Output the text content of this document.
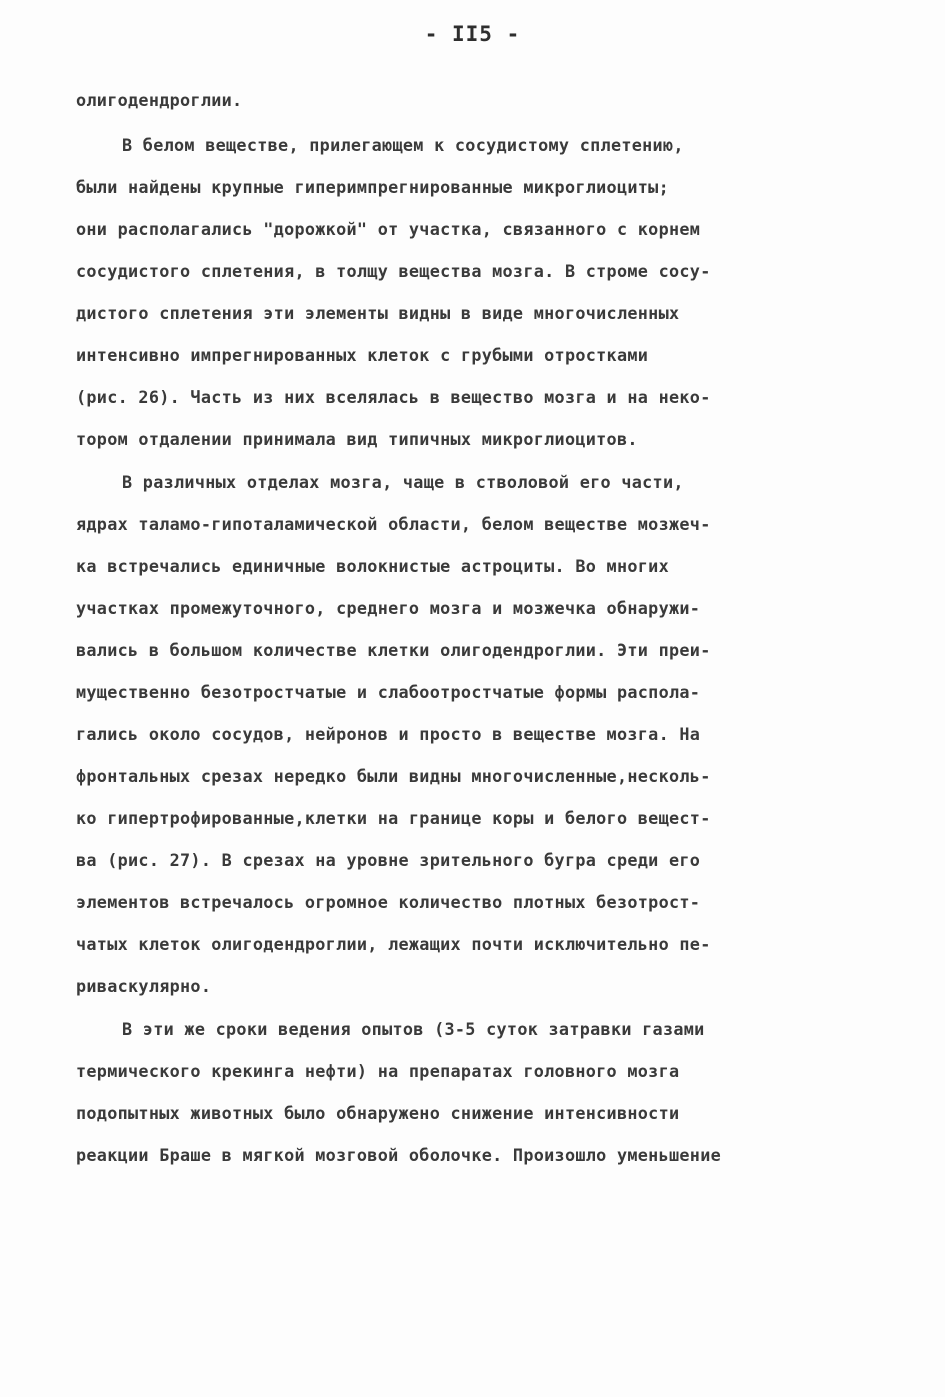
- II5 -
олигодендроглии.
В белом веществе, прилегающем к сосудистому сплетению,
были найдены крупные гиперимпрегнированные микроглиоциты;
они располагались "дорожкой" от участка, связанного с корнем
сосудистого сплетения, в толщу вещества мозга. В строме сосу-
дистого сплетения эти элементы видны в виде многочисленных
интенсивно импрегнированных клеток с грубыми отростками
(рис. 26). Часть из них вселялась в вещество мозга и на неко-
тором отдалении принимала вид типичных микроглиоцитов.
В различных отделах мозга, чаще в стволовой его части,
ядрах таламо-гипоталамической области, белом веществе мозжеч-
ка встречались единичные волокнистые астроциты. Во многих
участках промежуточного, среднего мозга и мозжечка обнаружи-
вались в большом количестве клетки олигодендроглии. Эти преи-
мущественно безотростчатые и слабоотростчатые формы распола-
гались около сосудов, нейронов и просто в веществе мозга. На
фронтальных срезах нередко были видны многочисленные,несколь-
ко гипертрофированные,клетки на границе коры и белого вещест-
ва (рис. 27). В срезах на уровне зрительного бугра среди его
элементов встречалось огромное количество плотных безотрост-
чатых клеток олигодендроглии, лежащих почти исключительно пе-
риваскулярно.
В эти же сроки ведения опытов (3-5 суток затравки газами
термического крекинга нефти) на препаратах головного мозга
подопытных животных было обнаружено снижение интенсивности
реакции Браше в мягкой мозговой оболочке. Произошло уменьшение
